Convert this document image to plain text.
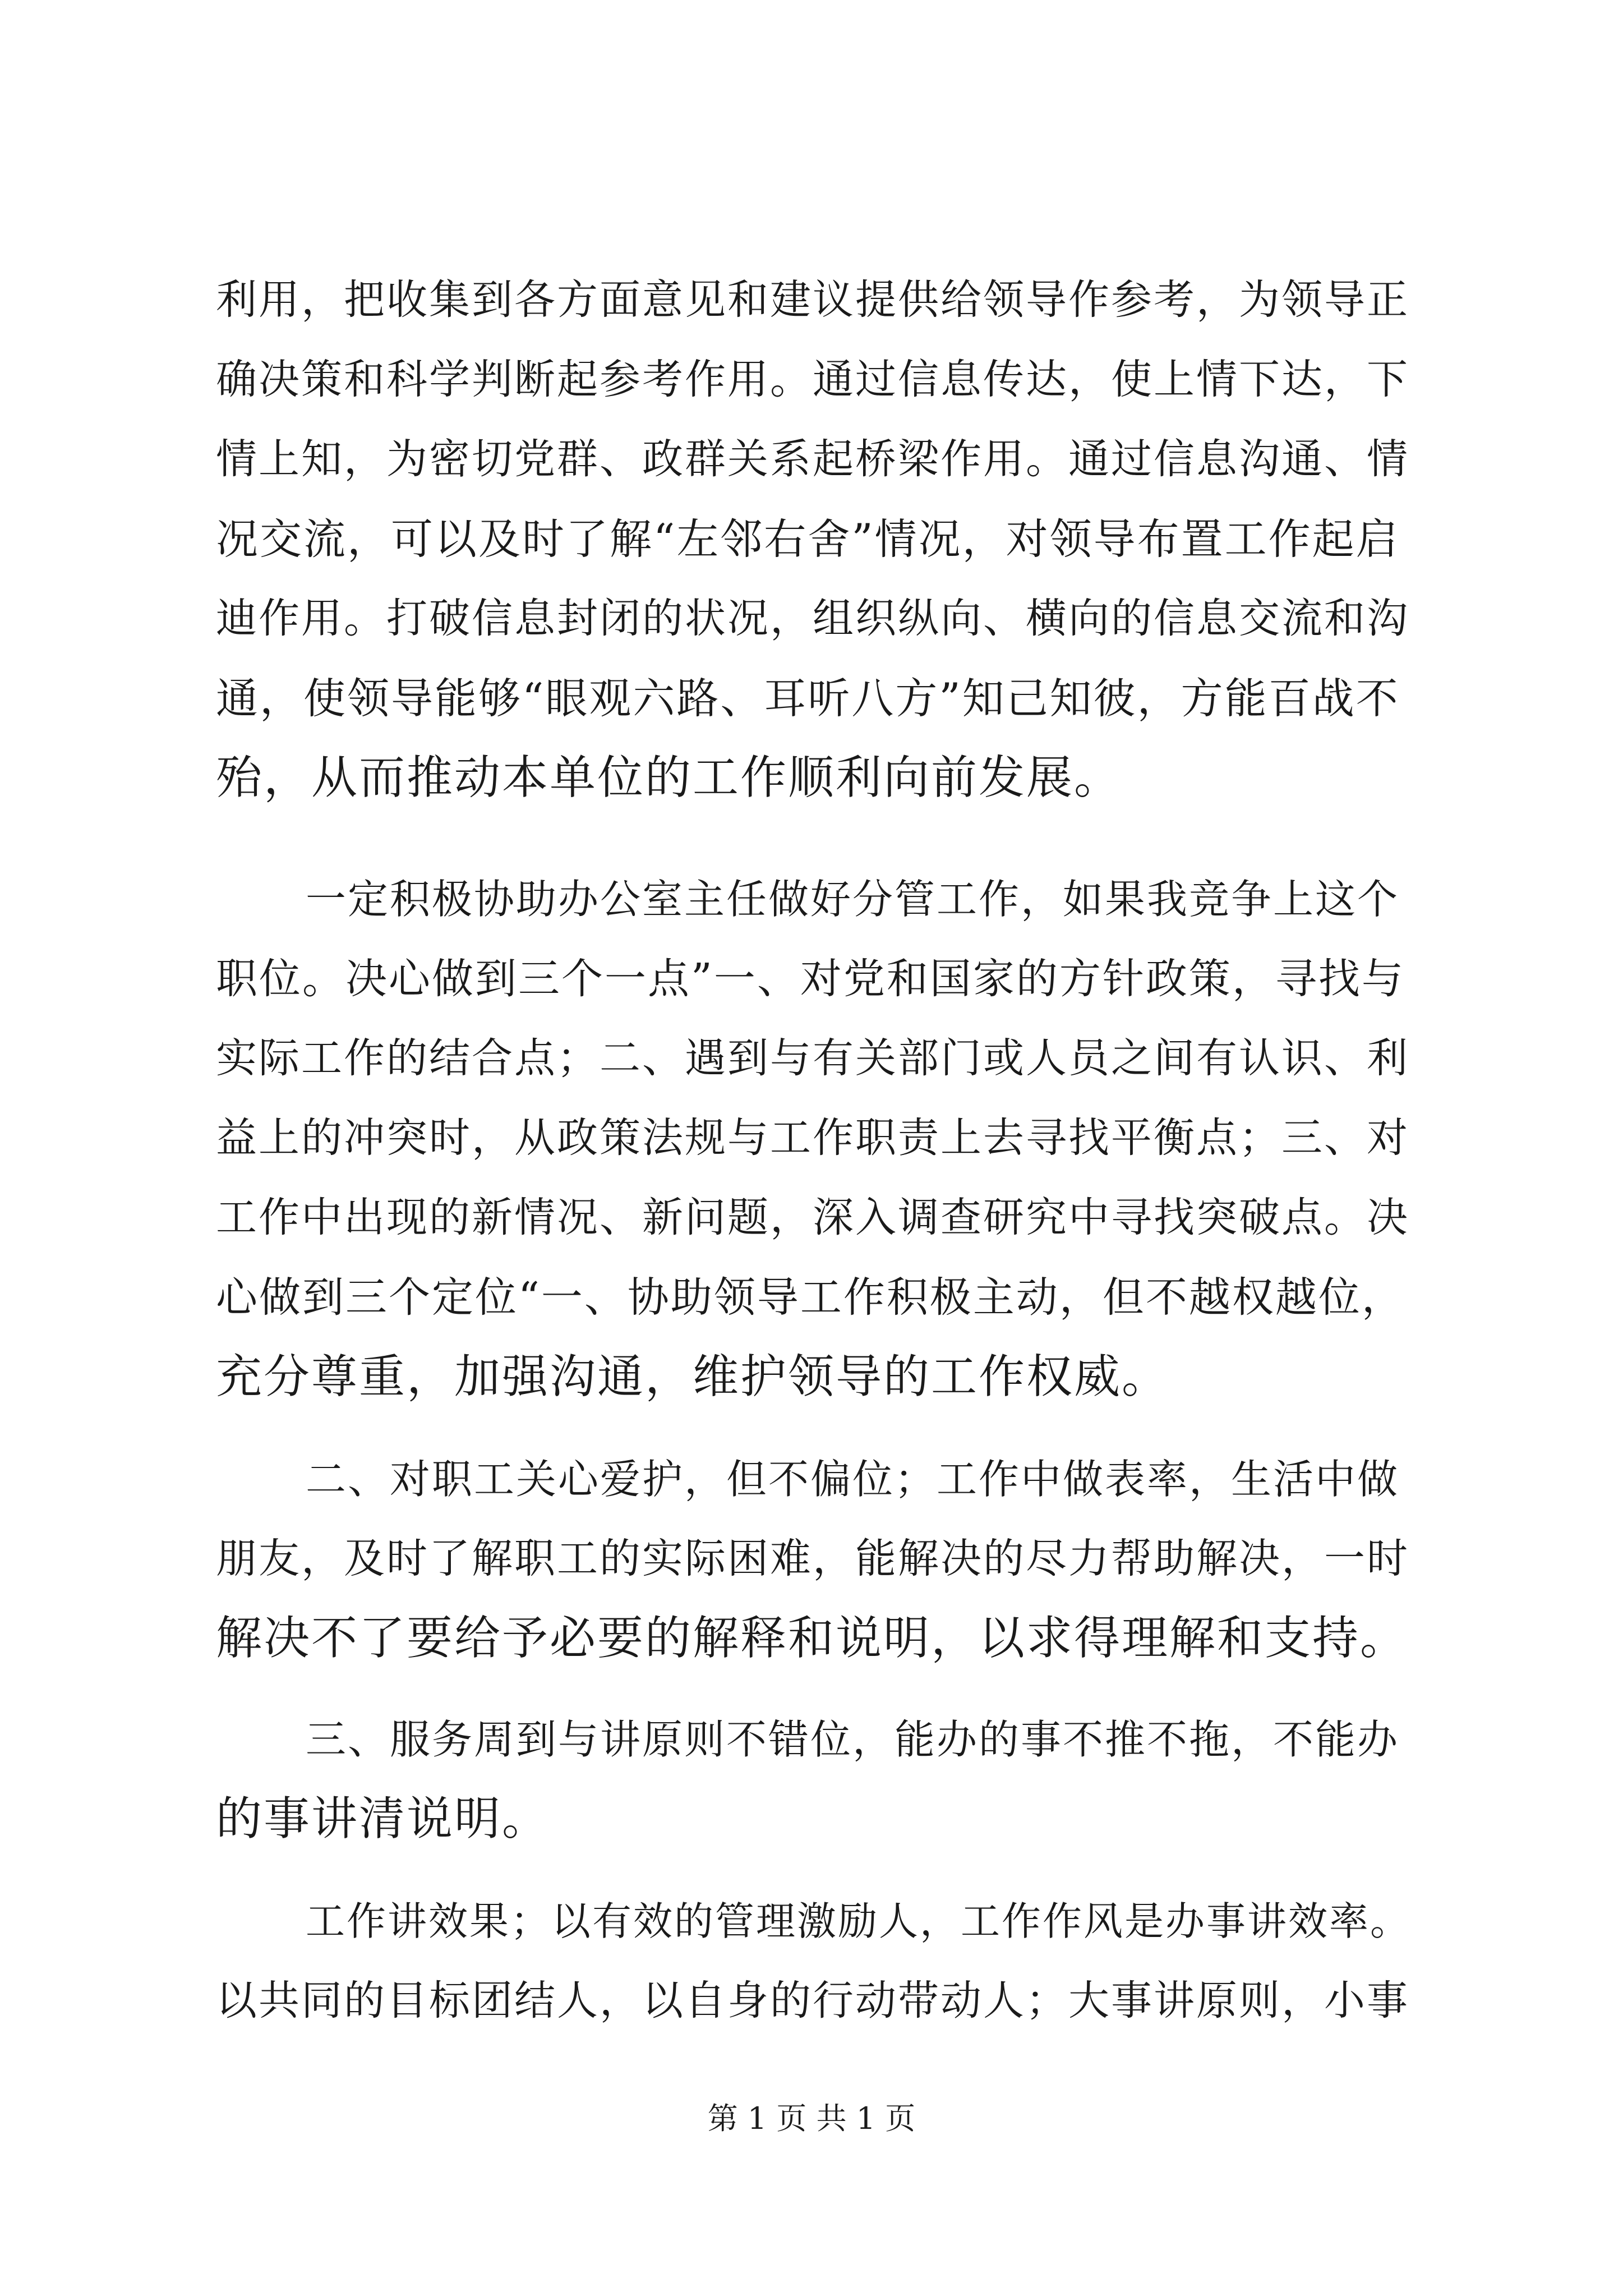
利用，把收集到各方面意见和建议提供给领导作参考，为领导正
确决策和科学判断起参考作用。通过信息传达，使上情下达，下
情上知，为密切党群、政群关系起桥梁作用。通过信息沟通、情
况交流，可以及时了解“左邻右舍”情况，对领导布置工作起启
迪作用。打破信息封闭的状况，组织纵向、横向的信息交流和沟
通，使领导能够“眼观六路、耳听八方”知己知彼，方能百战不
殆，从而推动本单位的工作顺利向前发展。
一定积极协助办公室主任做好分管工作，如果我竞争上这个
职位。决心做到三个一点”一、对党和国家的方针政策，寻找与
实际工作的结合点；二、遇到与有关部门或人员之间有认识、利
益上的冲突时，从政策法规与工作职责上去寻找平衡点；三、对
工作中出现的新情况、新问题，深入调查研究中寻找突破点。决
心做到三个定位“一、协助领导工作积极主动，但不越权越位，
充分尊重，加强沟通，维护领导的工作权威。
二、对职工关心爱护，但不偏位；工作中做表率，生活中做
朋友，及时了解职工的实际困难，能解决的尽力帮助解决，一时
解决不了要给予必要的解释和说明，以求得理解和支持。
三、服务周到与讲原则不错位，能办的事不推不拖，不能办
的事讲清说明。
工作讲效果；以有效的管理激励人，工作作风是办事讲效率。
以共同的目标团结人，以自身的行动带动人；大事讲原则，小事
第 1 页 共 1 页
